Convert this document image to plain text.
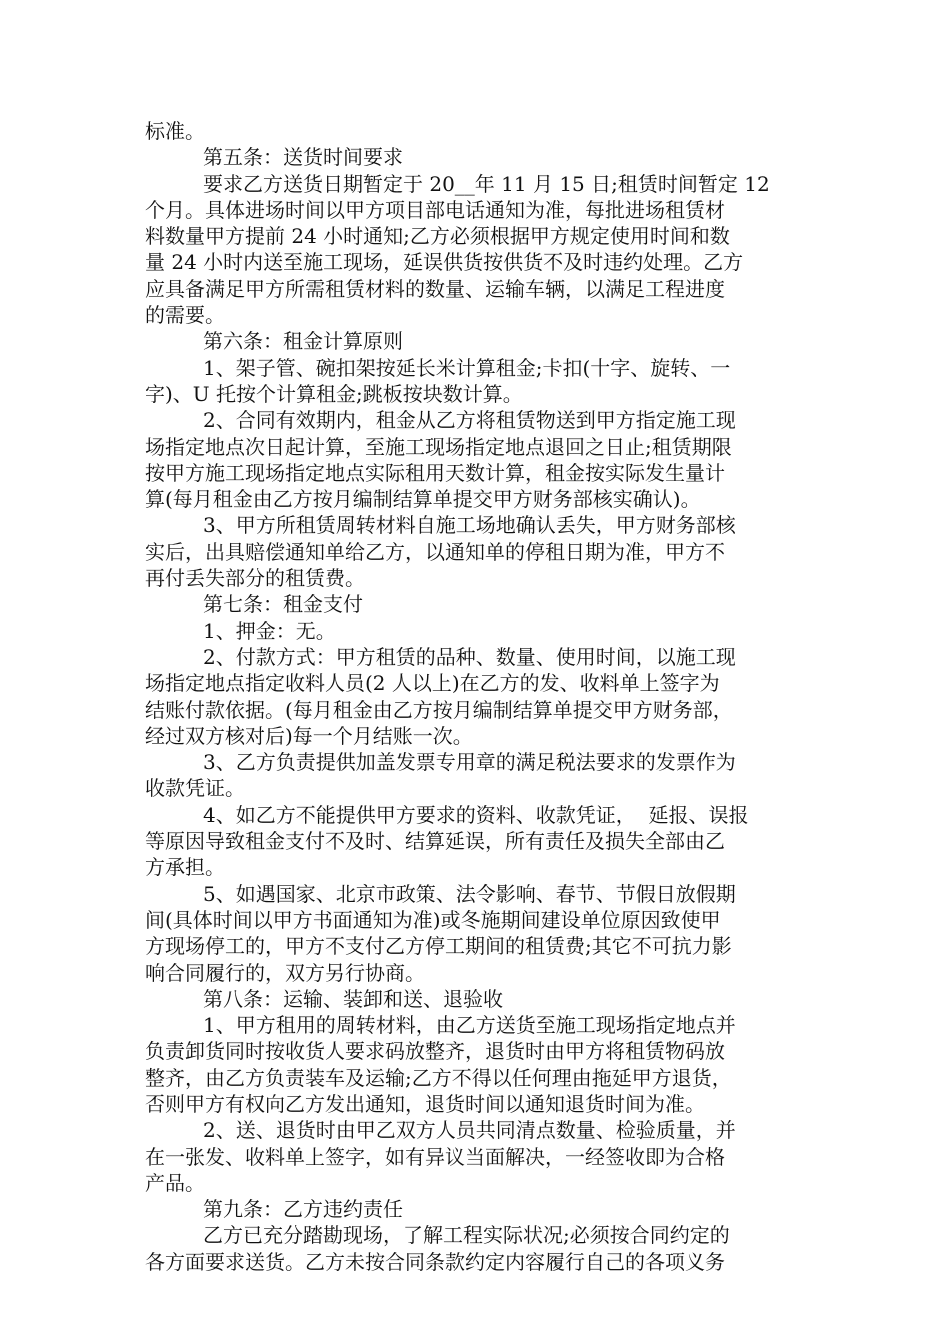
标准。

第五条：送货时间要求

要求乙方送货日期暂定于 20__年 11 月 15 日;租赁时间暂定 12

个月。具体进场时间以甲方项目部电话通知为准，每批进场租赁材

料数量甲方提前 24 小时通知;乙方必须根据甲方规定使用时间和数

量 24 小时内送至施工现场，延误供货按供货不及时违约处理。乙方

应具备满足甲方所需租赁材料的数量、运输车辆，以满足工程进度

的需要。

第六条：租金计算原则

1、架子管、碗扣架按延长米计算租金;卡扣(十字、旋转、一

字)、U 托按个计算租金;跳板按块数计算。

2、合同有效期内，租金从乙方将租赁物送到甲方指定施工现

场指定地点次日起计算，至施工现场指定地点退回之日止;租赁期限

按甲方施工现场指定地点实际租用天数计算，租金按实际发生量计

算(每月租金由乙方按月编制结算单提交甲方财务部核实确认)。

3、甲方所租赁周转材料自施工场地确认丢失，甲方财务部核

实后，出具赔偿通知单给乙方，以通知单的停租日期为准，甲方不

再付丢失部分的租赁费。

第七条：租金支付

1、押金：无。

2、付款方式：甲方租赁的品种、数量、使用时间，以施工现

场指定地点指定收料人员(2 人以上)在乙方的发、收料单上签字为

结账付款依据。(每月租金由乙方按月编制结算单提交甲方财务部，

经过双方核对后)每一个月结账一次。

3、乙方负责提供加盖发票专用章的满足税法要求的发票作为

收款凭证。

4、如乙方不能提供甲方要求的资料、收款凭证，  延报、误报

等原因导致租金支付不及时、结算延误，所有责任及损失全部由乙

方承担。

5、如遇国家、北京市政策、法令影响、春节、节假日放假期

间(具体时间以甲方书面通知为准)或冬施期间建设单位原因致使甲

方现场停工的，甲方不支付乙方停工期间的租赁费;其它不可抗力影

响合同履行的，双方另行协商。

第八条：运输、装卸和送、退验收

1、甲方租用的周转材料，由乙方送货至施工现场指定地点并

负责卸货同时按收货人要求码放整齐，退货时由甲方将租赁物码放

整齐，由乙方负责装车及运输;乙方不得以任何理由拖延甲方退货，

否则甲方有权向乙方发出通知，退货时间以通知退货时间为准。

2、送、退货时由甲乙双方人员共同清点数量、检验质量，并

在一张发、收料单上签字，如有异议当面解决，一经签收即为合格

产品。

第九条：乙方违约责任

乙方已充分踏勘现场，了解工程实际状况;必须按合同约定的

各方面要求送货。乙方未按合同条款约定内容履行自己的各项义务
